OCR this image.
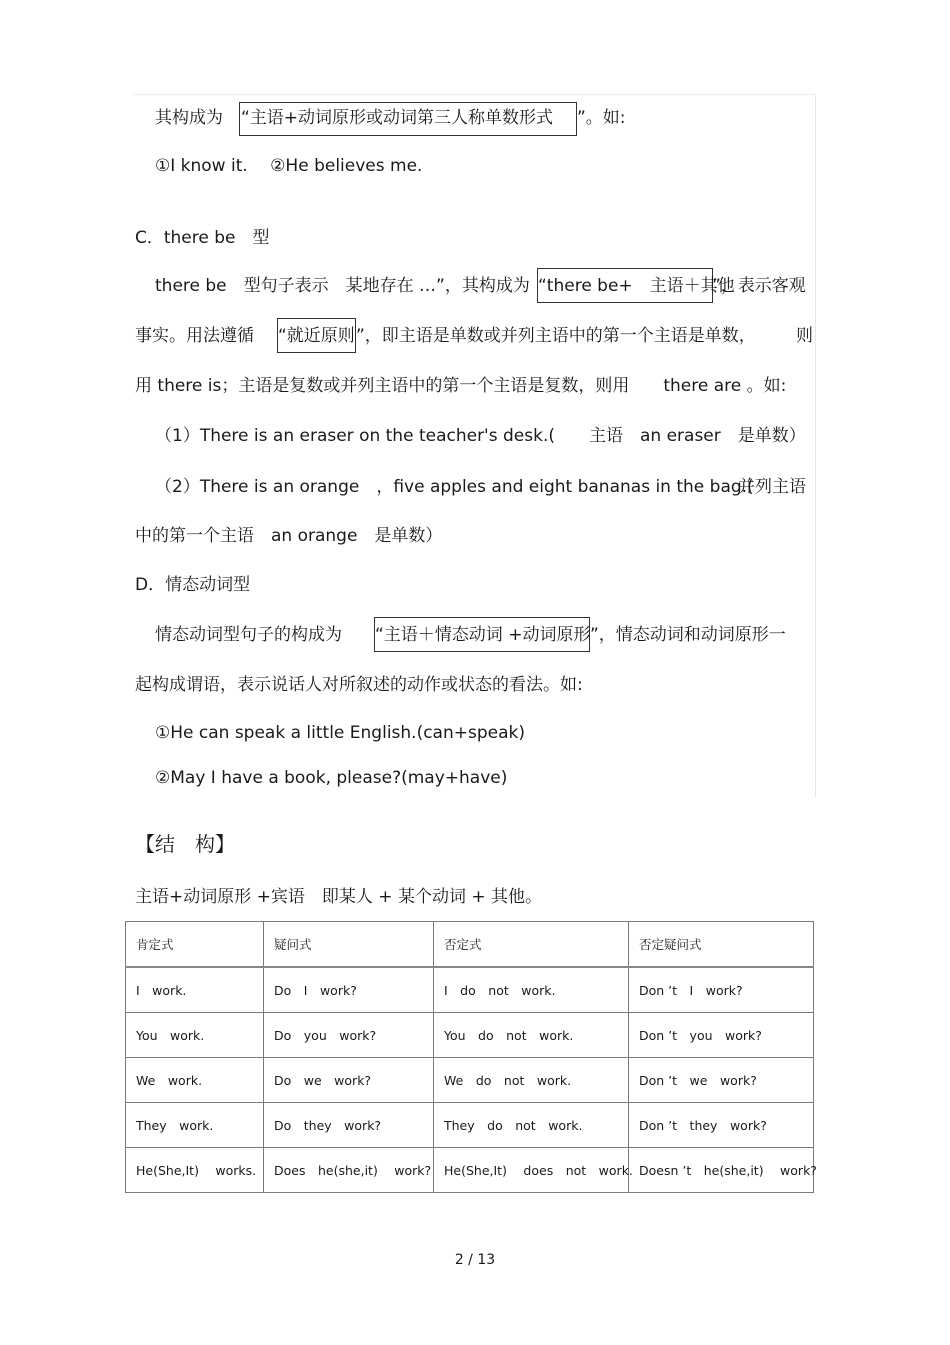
其构成为 “主语+动词原形或动词第三人称单数形式 ”。如:
①I know it.　 ②He believes me.
C．there be　型
there be　型句子表示　某地存在 …”，其构成为 “there be+　主语＋其他
”，表示客观
事实。用法遵循 “就近原则 ”，即主语是单数或并列主语中的第一个主语是单数， 则
用 there is；主语是复数或并列主语中的第一个主语是复数，则用　　there are 。如:
（1）There is an eraser on the teacher's desk.(　　主语　an eraser　是单数）
（2）There is an orange　，five apples and eight bananas in the bag.(
并列主语
中的第一个主语　an orange　是单数）
D．情态动词型
情态动词型句子的构成为 “主语＋情态动词 +动词原形 ”，情态动词和动词原形一
起构成谓语，表示说话人对所叙述的动作或状态的看法。如:
①He can speak a little English.(can+speak)
②May I have a book, please?(may+have)
【结　构】
主语+动词原形 +宾语　即某人 + 某个动词 + 其他。
肯定式	疑问式	否定式	否定疑问式
I　work.	Do　I　work?	I　do　not　work.	Don ’t　I　work?
You　work.	Do　you　work?	You　do　not　work.	Don ’t　you　work?
We　work.	Do　we　work?	We　do　not　work.	Don ’t　we　work?
They　work.	Do　they　work?	They　do　not　work.	Don ’t　they　work?
He(She,It)　 works.	Does　he(she,it)　 work?	He(She,It)　 does　not　work.	Doesn ’t　he(she,it)　 work?
2 / 13
